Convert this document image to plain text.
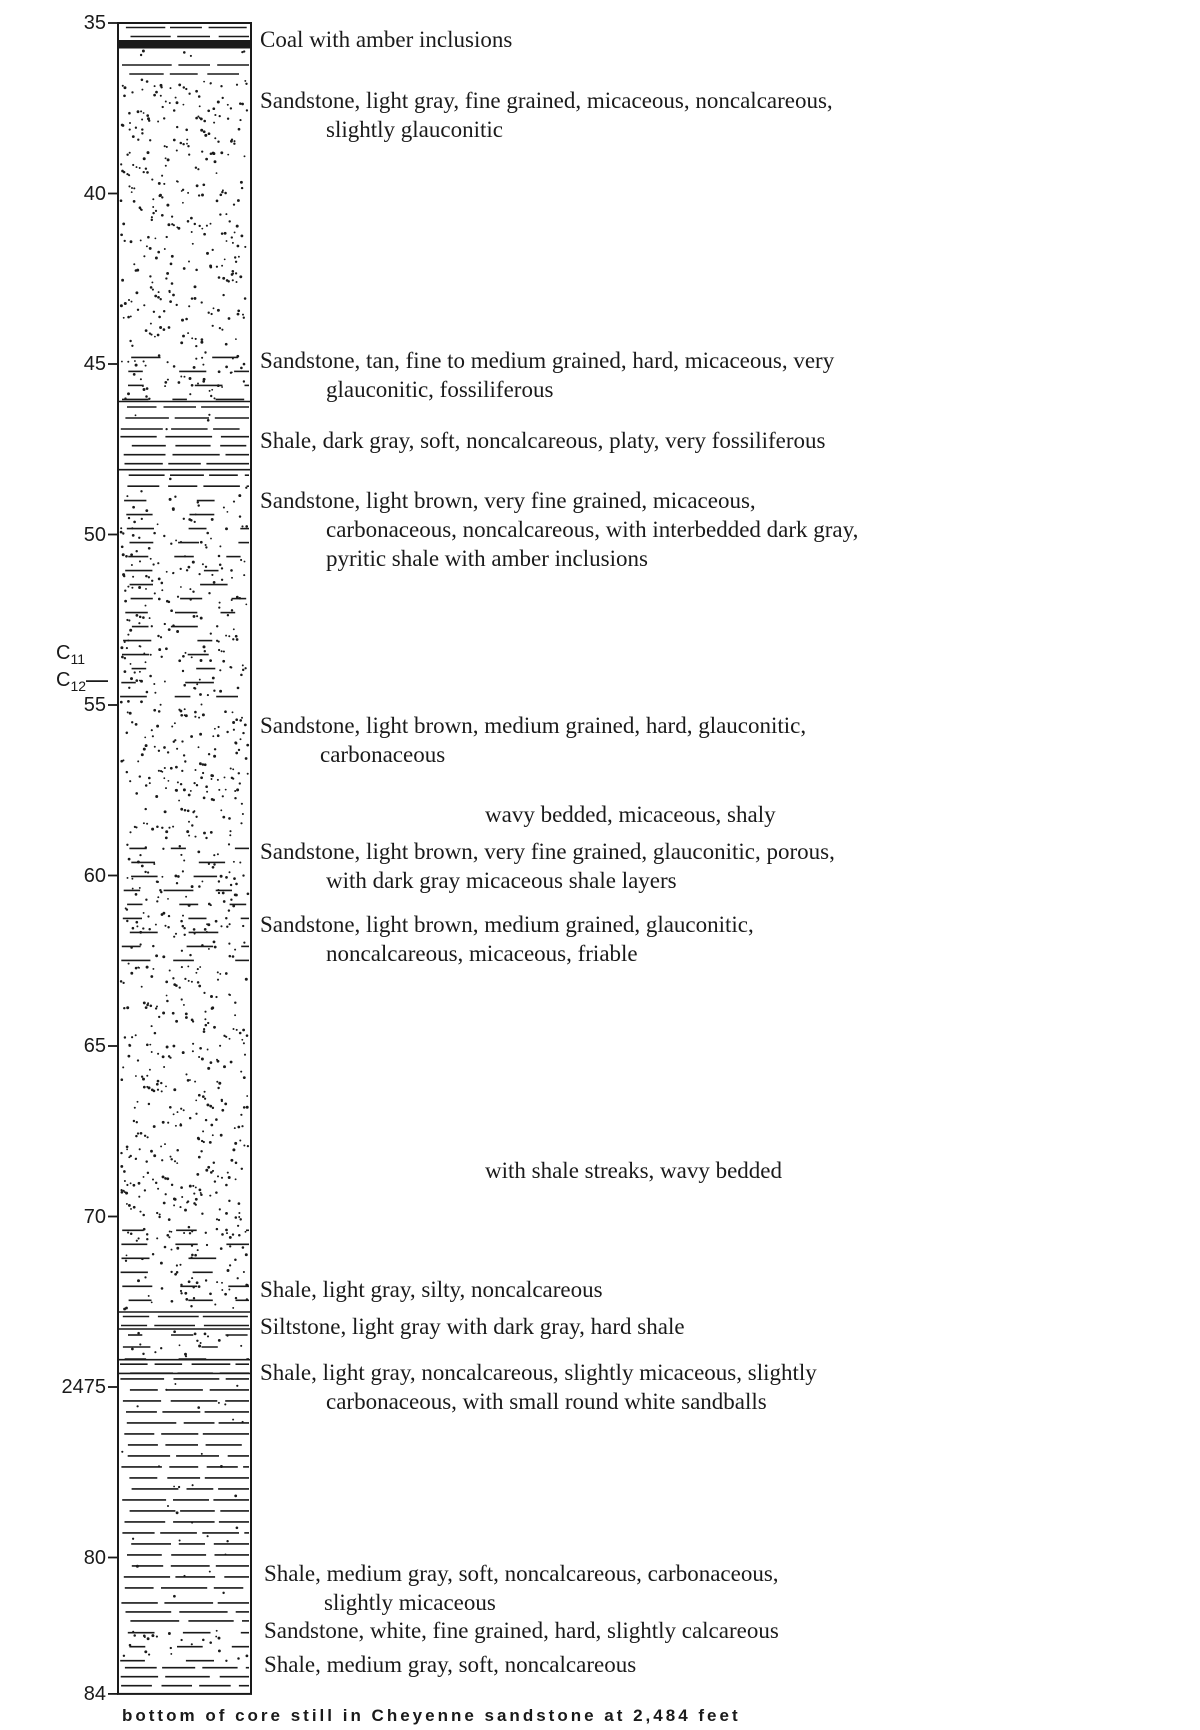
35
40
45
50
55
60
65
70
2475
80
84
$C_{11}$
$C_{12}$
Coal with amber inclusions
Sandstone, light gray, fine grained, micaceous, noncalcareous,
slightly glauconitic
Sandstone, tan, fine to medium grained, hard, micaceous, very
glauconitic, fossiliferous
Shale, dark gray, soft, noncalcareous, platy, very fossiliferous
Sandstone, light brown, very fine grained, micaceous,
carbonaceous, noncalcareous, with interbedded dark gray,
pyritic shale with amber inclusions
Sandstone, light brown, medium grained, hard, glauconitic,
carbonaceous
Sandstone, light brown, very fine grained, glauconitic, porous,
with dark gray micaceous shale layers
Sandstone, light brown, medium grained, glauconitic,
noncalcareous, micaceous, friable
Shale, light gray, silty, noncalcareous
Siltstone, light gray with dark gray, hard shale
Shale, light gray, noncalcareous, slightly micaceous, slightly
carbonaceous, with small round white sandballs
Shale, medium gray, soft, noncalcareous, carbonaceous,
slightly micaceous
Sandstone, white, fine grained, hard, slightly calcareous
Shale, medium gray, soft, noncalcareous
wavy bedded, micaceous, shaly
with shale streaks, wavy bedded
bottom of core still in Cheyenne sandstone at 2,484 feet
